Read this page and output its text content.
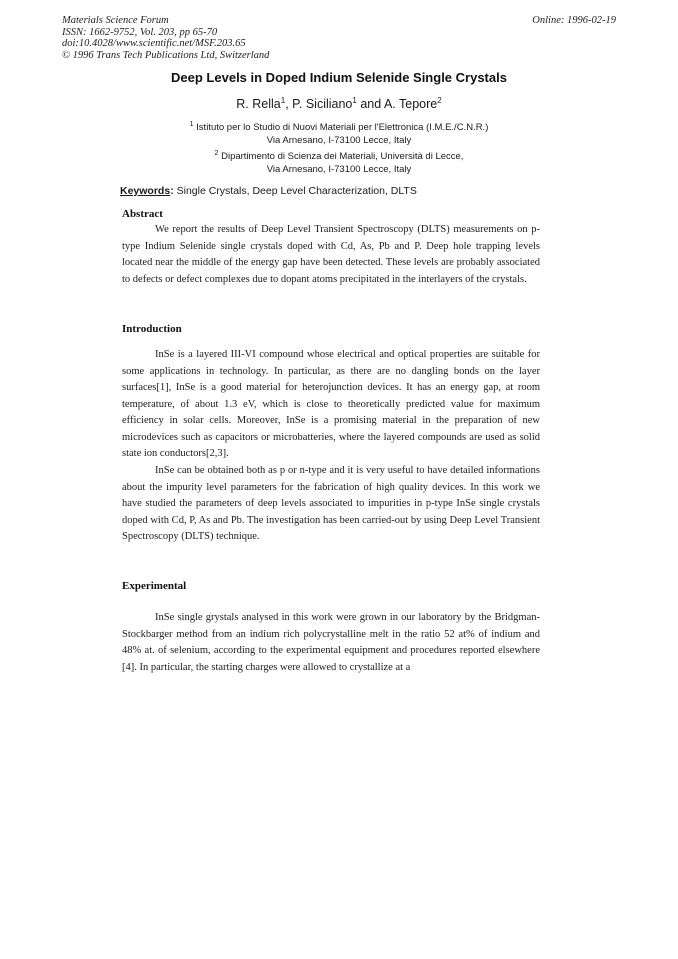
Materials Science Forum
ISSN: 1662-9752, Vol. 203, pp 65-70
doi:10.4028/www.scientific.net/MSF.203.65
© 1996 Trans Tech Publications Ltd, Switzerland
Online: 1996-02-19
Deep Levels in Doped Indium Selenide Single Crystals
R. Rella$^1$, P. Siciliano$^1$ and A. Tepore$^2$
$^1$ Istituto per lo Studio di Nuovi Materiali per l'Elettronica (I.M.E./C.N.R.)
Via Arnesano, I-73100 Lecce, Italy
$^2$ Dipartimento di Scienza dei Materiali, Università di Lecce,
Via Arnesano, I-73100 Lecce, Italy
Keywords: Single Crystals, Deep Level Characterization, DLTS
Abstract
We report the results of Deep Level Transient Spectroscopy (DLTS) measurements on p-type Indium Selenide single crystals doped with Cd, As, Pb and P. Deep hole trapping levels located near the middle of the energy gap have been detected. These levels are probably associated to defects or defect complexes due to dopant atoms precipitated in the interlayers of the crystals.
Introduction
InSe is a layered III-VI compound whose electrical and optical properties are suitable for some applications in technology. In particular, as there are no dangling bonds on the layer surfaces[1], InSe is a good material for heterojunction devices. It has an energy gap, at room temperature, of about 1.3 eV, which is close to theoretically predicted value for maximum efficiency in solar cells. Moreover, InSe is a promising material in the preparation of new microdevices such as capacitors or microbatteries, where the layered compounds are used as solid state ion conductors[2,3].
InSe can be obtained both as p or n-type and it is very useful to have detailed informations about the impurity level parameters for the fabrication of high quality devices. In this work we have studied the parameters of deep levels associated to impurities in p-type InSe single crystals doped with Cd, P, As and Pb. The investigation has been carried-out by using Deep Level Transient Spectroscopy (DLTS) technique.
Experimental
InSe single grystals analysed in this work were grown in our laboratory by the Bridgman-Stockbarger method from an indium rich polycrystalline melt in the ratio 52 at% of indium and 48% at. of selenium, according to the experimental equipment and procedures reported elsewhere [4]. In particular, the starting charges were allowed to crystallize at a
